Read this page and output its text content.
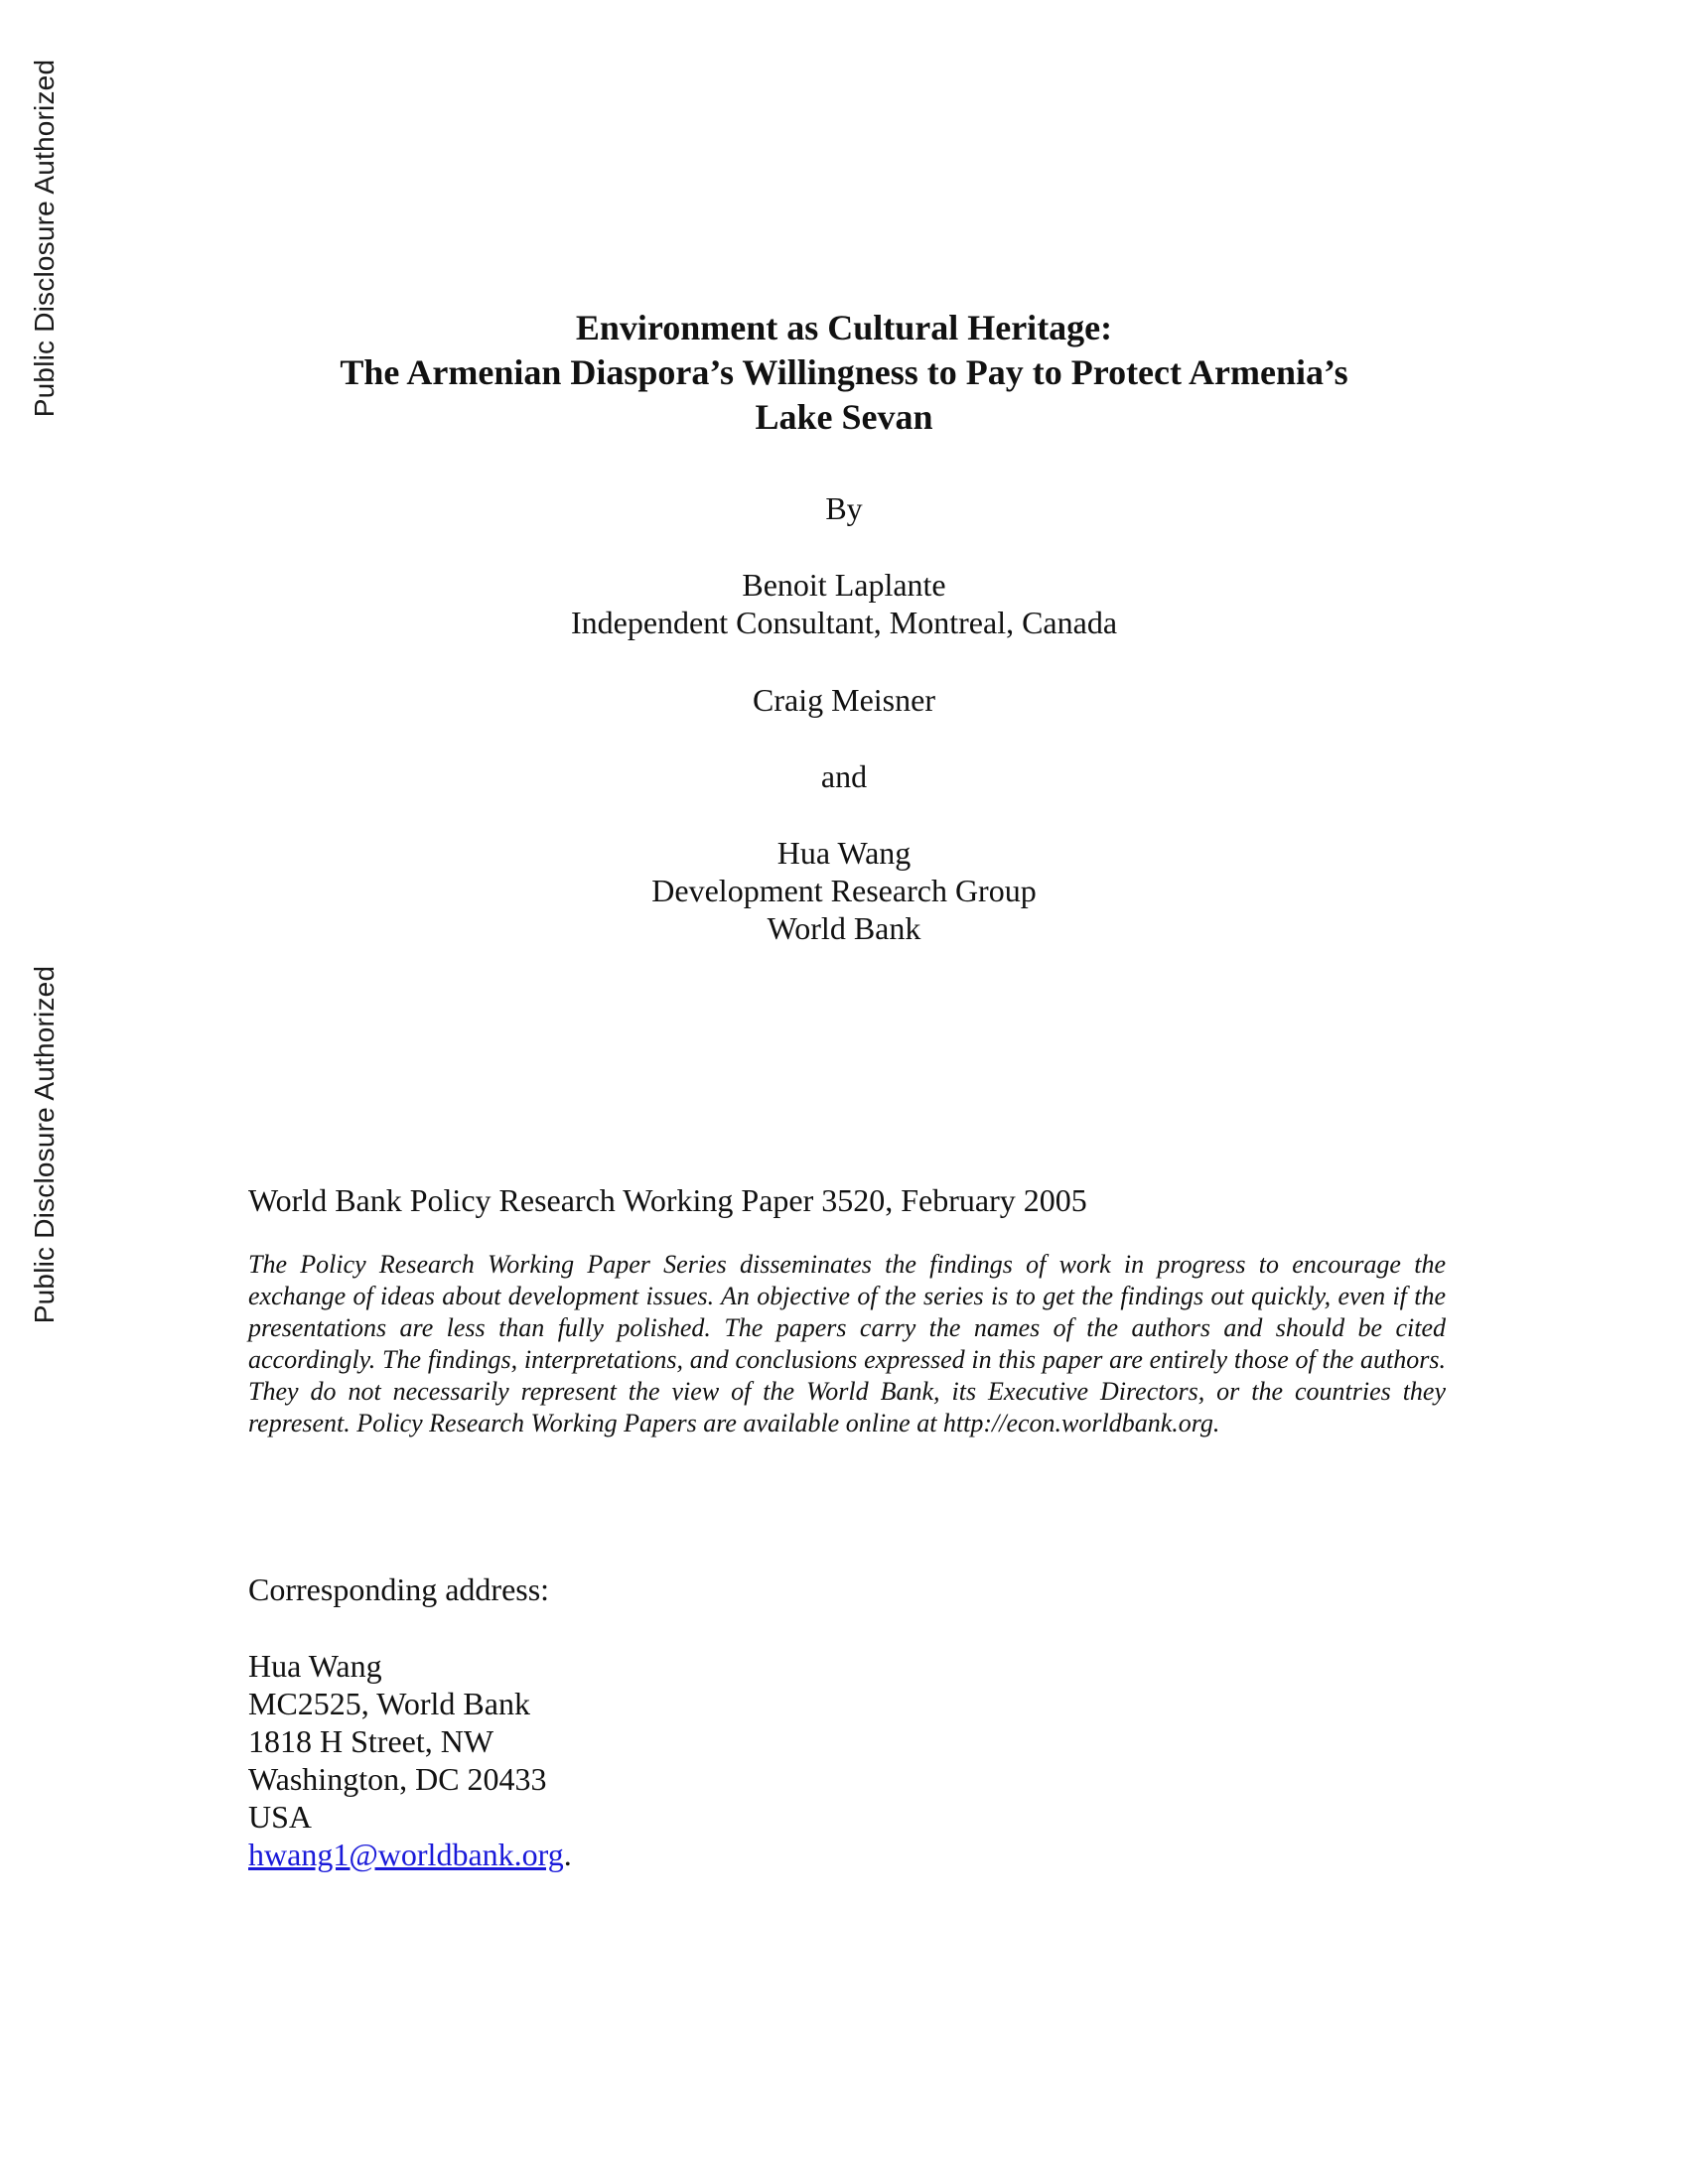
Public Disclosure Authorized
Public Disclosure Authorized

Environment as Cultural Heritage:

The Armenian Diaspora’s Willingness to Pay to Protect Armenia’s

Lake Sevan

By

Benoit Laplante

Independent Consultant, Montreal, Canada

Craig Meisner

and

Hua Wang

Development Research Group

World Bank

World Bank Policy Research Working Paper 3520, February 2005

The Policy Research Working Paper Series disseminates the findings of work in progress to encourage the exchange of ideas about development issues. An objective of the series is to get the findings out quickly, even if the presentations are less than fully polished. The papers carry the names of the authors and should be cited accordingly. The findings, interpretations, and conclusions expressed in this paper are entirely those of the authors. They do not necessarily represent the view of the World Bank, its Executive Directors, or the countries they represent. Policy Research Working Papers are available online at http://econ.worldbank.org.

Corresponding address:

Hua Wang

MC2525, World Bank

1818 H Street, NW

Washington, DC 20433

USA

hwang1@worldbank.org.
